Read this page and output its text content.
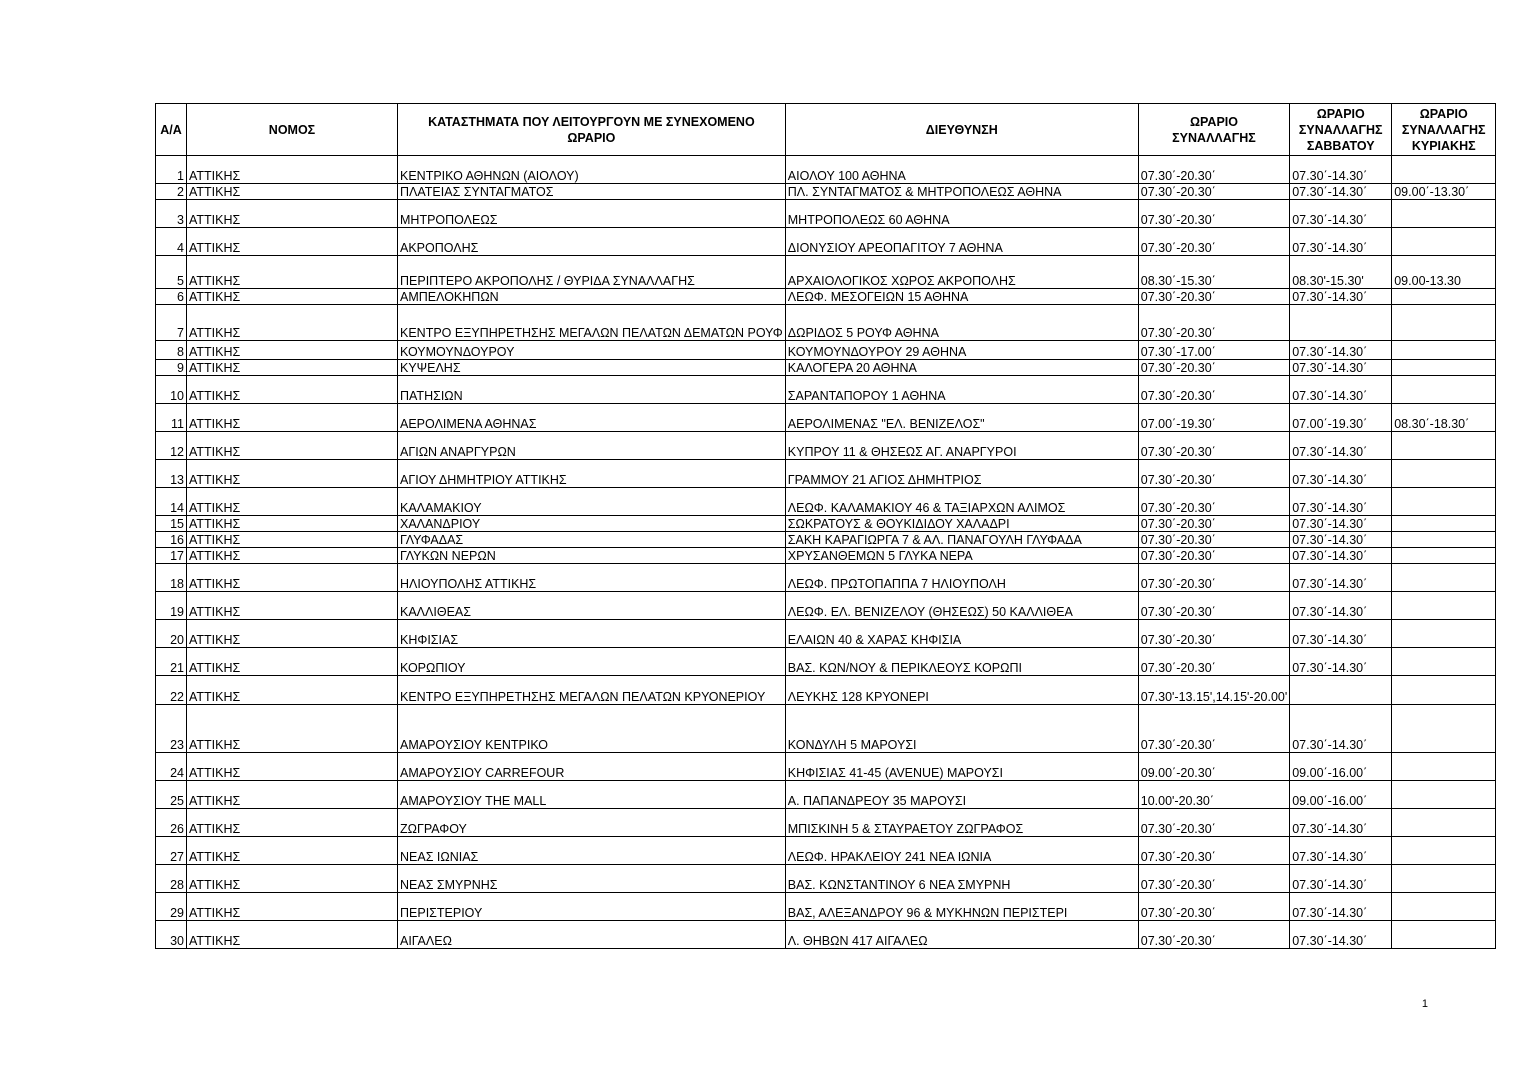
Α/Α	ΝΟΜΟΣ	ΚΑΤΑΣΤΗΜΑΤΑ ΠΟΥ ΛΕΙΤΟΥΡΓΟΥΝ ΜΕ ΣΥΝΕΧΟΜΕΝΟ ΩΡΑΡΙΟ	ΔΙΕΥΘΥΝΣΗ	ΩΡΑΡΙΟ ΣΥΝΑΛΛΑΓΗΣ	ΩΡΑΡΙΟ ΣΥΝΑΛΛΑΓΗΣ ΣΑΒΒΑΤΟΥ	ΩΡΑΡΙΟ ΣΥΝΑΛΛΑΓΗΣ ΚΥΡΙΑΚΗΣ
1	ΑΤΤΙΚΗΣ	ΚΕΝΤΡΙΚΟ ΑΘΗΝΩΝ (ΑΙΟΛΟΥ)	ΑΙΟΛΟΥ 100 ΑΘΗΝΑ	07.30΄-20.30΄	07.30΄-14.30΄	
2	ΑΤΤΙΚΗΣ	ΠΛΑΤΕΙΑΣ ΣΥΝΤΑΓΜΑΤΟΣ	ΠΛ. ΣΥΝΤΑΓΜΑΤΟΣ & ΜΗΤΡΟΠΟΛΕΩΣ ΑΘΗΝΑ	07.30΄-20.30΄	07.30΄-14.30΄	09.00΄-13.30΄
3	ΑΤΤΙΚΗΣ	ΜΗΤΡΟΠΟΛΕΩΣ	ΜΗΤΡΟΠΟΛΕΩΣ 60 ΑΘΗΝΑ	07.30΄-20.30΄	07.30΄-14.30΄	
4	ΑΤΤΙΚΗΣ	ΑΚΡΟΠΟΛΗΣ	ΔΙΟΝΥΣΙΟΥ ΑΡΕΟΠΑΓΙΤΟΥ 7 ΑΘΗΝΑ	07.30΄-20.30΄	07.30΄-14.30΄	
5	ΑΤΤΙΚΗΣ	ΠΕΡΙΠΤΕΡΟ ΑΚΡΟΠΟΛΗΣ / ΘΥΡΙΔΑ ΣΥΝΑΛΛΑΓΗΣ	ΑΡΧΑΙΟΛΟΓΙΚΟΣ ΧΩΡΟΣ ΑΚΡΟΠΟΛΗΣ	08.30΄-15.30΄	08.30'-15.30'	09.00-13.30
6	ΑΤΤΙΚΗΣ	ΑΜΠΕΛΟΚΗΠΩΝ	ΛΕΩΦ. ΜΕΣΟΓΕΙΩΝ 15 ΑΘΗΝΑ	07.30΄-20.30΄	07.30΄-14.30΄	
7	ΑΤΤΙΚΗΣ	ΚΕΝΤΡΟ ΕΞΥΠΗΡΕΤΗΣΗΣ ΜΕΓΑΛΩΝ ΠΕΛΑΤΩΝ ΔΕΜΑΤΩΝ ΡΟΥΦ	ΔΩΡΙΔΟΣ 5 ΡΟΥΦ ΑΘΗΝΑ	07.30΄-20.30΄		
8	ΑΤΤΙΚΗΣ	ΚΟΥΜΟΥΝΔΟΥΡΟΥ	ΚΟΥΜΟΥΝΔΟΥΡΟΥ 29 ΑΘΗΝΑ	07.30΄-17.00΄	07.30΄-14.30΄	
9	ΑΤΤΙΚΗΣ	ΚΥΨΕΛΗΣ	ΚΑΛΟΓΕΡΑ 20 ΑΘΗΝΑ	07.30΄-20.30΄	07.30΄-14.30΄	
10	ΑΤΤΙΚΗΣ	ΠΑΤΗΣΙΩΝ	ΣΑΡΑΝΤΑΠΟΡΟΥ 1 ΑΘΗΝΑ	07.30΄-20.30΄	07.30΄-14.30΄	
11	ΑΤΤΙΚΗΣ	ΑΕΡΟΛΙΜΕΝΑ ΑΘΗΝΑΣ	ΑΕΡΟΛΙΜΕΝΑΣ "ΕΛ. ΒΕΝΙΖΕΛΟΣ"	07.00΄-19.30΄	07.00΄-19.30΄	08.30΄-18.30΄
12	ΑΤΤΙΚΗΣ	ΑΓΙΩΝ ΑΝΑΡΓΥΡΩΝ	ΚΥΠΡΟΥ 11 & ΘΗΣΕΩΣ ΑΓ. ΑΝΑΡΓΥΡΟΙ	07.30΄-20.30΄	07.30΄-14.30΄	
13	ΑΤΤΙΚΗΣ	ΑΓΙΟΥ ΔΗΜΗΤΡΙΟΥ ΑΤΤΙΚΗΣ	ΓΡΑΜΜΟΥ 21 ΑΓΙΟΣ ΔΗΜΗΤΡΙΟΣ	07.30΄-20.30΄	07.30΄-14.30΄	
14	ΑΤΤΙΚΗΣ	ΚΑΛΑΜΑΚΙΟΥ	ΛΕΩΦ. ΚΑΛΑΜΑΚΙΟΥ 46 & ΤΑΞΙΑΡΧΩΝ ΑΛΙΜΟΣ	07.30΄-20.30΄	07.30΄-14.30΄	
15	ΑΤΤΙΚΗΣ	ΧΑΛΑΝΔΡΙΟΥ	ΣΩΚΡΑΤΟΥΣ & ΘΟΥΚΙΔΙΔΟΥ ΧΑΛΑΔΡΙ	07.30΄-20.30΄	07.30΄-14.30΄	
16	ΑΤΤΙΚΗΣ	ΓΛΥΦΑΔΑΣ	ΣΑΚΗ ΚΑΡΑΓΙΩΡΓΑ 7 & ΑΛ. ΠΑΝΑΓΟΥΛΗ ΓΛΥΦΑΔΑ	07.30΄-20.30΄	07.30΄-14.30΄	
17	ΑΤΤΙΚΗΣ	ΓΛΥΚΩΝ ΝΕΡΩΝ	ΧΡΥΣΑΝΘΕΜΩΝ 5 ΓΛΥΚΑ ΝΕΡΑ	07.30΄-20.30΄	07.30΄-14.30΄	
18	ΑΤΤΙΚΗΣ	ΗΛΙΟΥΠΟΛΗΣ ΑΤΤΙΚΗΣ	ΛΕΩΦ. ΠΡΩΤΟΠΑΠΠΑ 7 ΗΛΙΟΥΠΟΛΗ	07.30΄-20.30΄	07.30΄-14.30΄	
19	ΑΤΤΙΚΗΣ	ΚΑΛΛΙΘΕΑΣ	ΛΕΩΦ. ΕΛ. ΒΕΝΙΖΕΛΟΥ (ΘΗΣΕΩΣ) 50 ΚΑΛΛΙΘΕΑ	07.30΄-20.30΄	07.30΄-14.30΄	
20	ΑΤΤΙΚΗΣ	ΚΗΦΙΣΙΑΣ	ΕΛΑΙΩΝ 40 & ΧΑΡΑΣ ΚΗΦΙΣΙΑ	07.30΄-20.30΄	07.30΄-14.30΄	
21	ΑΤΤΙΚΗΣ	ΚΟΡΩΠΙΟΥ	ΒΑΣ. ΚΩΝ/ΝΟΥ & ΠΕΡΙΚΛΕΟΥΣ ΚΟΡΩΠΙ	07.30΄-20.30΄	07.30΄-14.30΄	
22	ΑΤΤΙΚΗΣ	ΚΕΝΤΡΟ ΕΞΥΠΗΡΕΤΗΣΗΣ ΜΕΓΑΛΩΝ ΠΕΛΑΤΩΝ ΚΡΥΟΝΕΡΙΟΥ	ΛΕΥΚΗΣ 128 ΚΡΥΟΝΕΡΙ	07.30'-13.15',14.15'-20.00'		
23	ΑΤΤΙΚΗΣ	ΑΜΑΡΟΥΣΙΟΥ ΚΕΝΤΡΙΚΟ	ΚΟΝΔΥΛΗ 5 ΜΑΡΟΥΣΙ	07.30΄-20.30΄	07.30΄-14.30΄	
24	ΑΤΤΙΚΗΣ	ΑΜΑΡΟΥΣΙΟΥ CARREFOUR	ΚΗΦΙΣΙΑΣ 41-45 (AVENUE) ΜΑΡΟΥΣΙ	09.00΄-20.30΄	09.00΄-16.00΄	
25	ΑΤΤΙΚΗΣ	ΑΜΑΡΟΥΣΙΟΥ THE MALL	Α. ΠΑΠΑΝΔΡΕΟΥ 35 ΜΑΡΟΥΣΙ	10.00'-20.30΄	09.00΄-16.00΄	
26	ΑΤΤΙΚΗΣ	ΖΩΓΡΑΦΟΥ	ΜΠΙΣΚΙΝΗ 5 & ΣΤΑΥΡΑΕΤΟΥ ΖΩΓΡΑΦΟΣ	07.30΄-20.30΄	07.30΄-14.30΄	
27	ΑΤΤΙΚΗΣ	ΝΕΑΣ ΙΩΝΙΑΣ	ΛΕΩΦ. ΗΡΑΚΛΕΙΟΥ 241 ΝΕΑ ΙΩΝΙΑ	07.30΄-20.30΄	07.30΄-14.30΄	
28	ΑΤΤΙΚΗΣ	ΝΕΑΣ ΣΜΥΡΝΗΣ	ΒΑΣ. ΚΩΝΣΤΑΝΤΙΝΟΥ 6 ΝΕΑ ΣΜΥΡΝΗ	07.30΄-20.30΄	07.30΄-14.30΄	
29	ΑΤΤΙΚΗΣ	ΠΕΡΙΣΤΕΡΙΟΥ	ΒΑΣ, ΑΛΕΞΑΝΔΡΟΥ 96 & ΜΥΚΗΝΩΝ ΠΕΡΙΣΤΕΡΙ	07.30΄-20.30΄	07.30΄-14.30΄	
30	ΑΤΤΙΚΗΣ	ΑΙΓΑΛΕΩ	Λ. ΘΗΒΩΝ 417 ΑΙΓΑΛΕΩ	07.30΄-20.30΄	07.30΄-14.30΄	
1
